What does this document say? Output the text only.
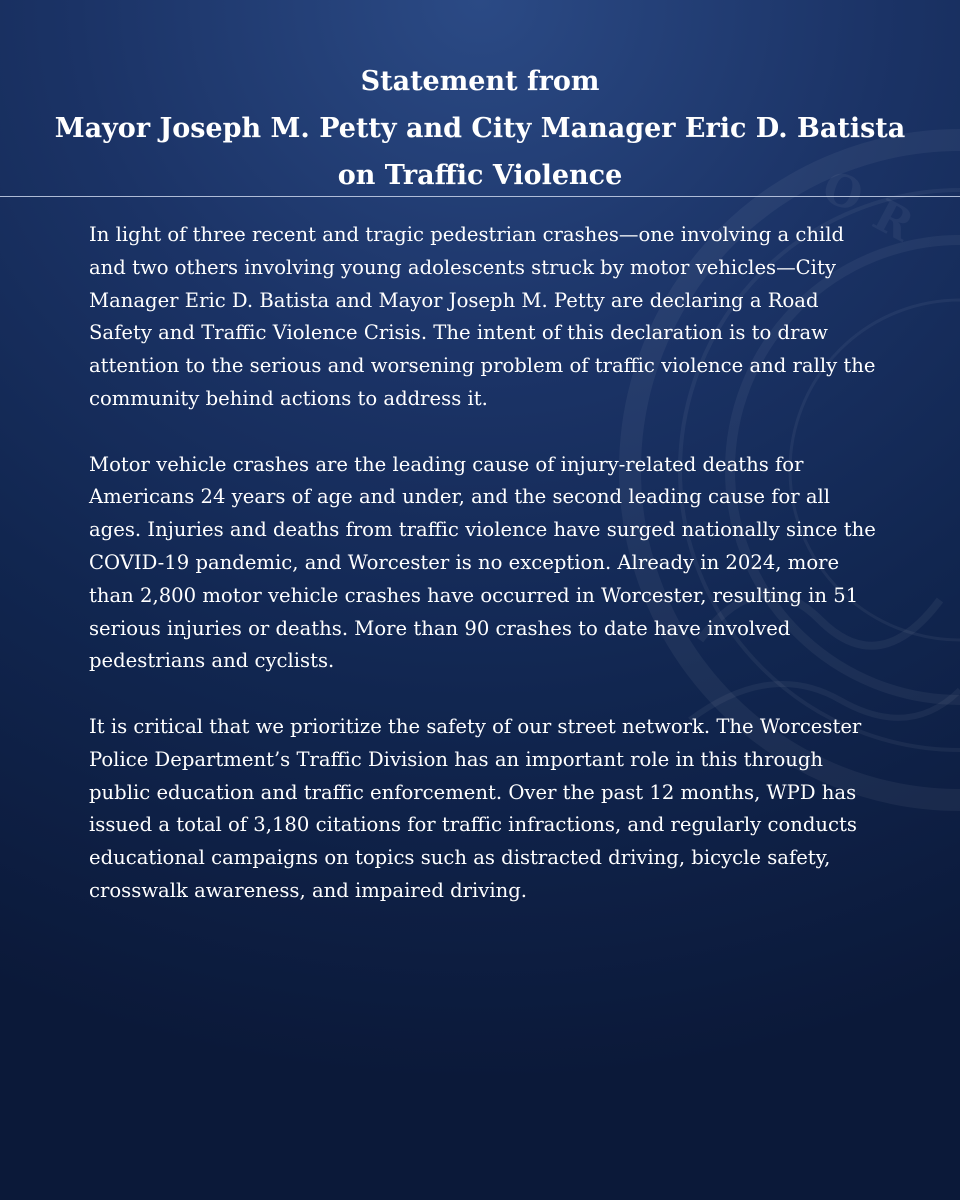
O
R
Statement from
Mayor Joseph M. Petty and City Manager Eric D. Batista
on Traffic Violence

In light of three recent and tragic pedestrian crashes—one involving a child
and two others involving young adolescents struck by motor vehicles—City
Manager Eric D. Batista and Mayor Joseph M. Petty are declaring a Road
Safety and Traffic Violence Crisis. The intent of this declaration is to draw
attention to the serious and worsening problem of traffic violence and rally the
community behind actions to address it.

Motor vehicle crashes are the leading cause of injury-related deaths for
Americans 24 years of age and under, and the second leading cause for all
ages. Injuries and deaths from traffic violence have surged nationally since the
COVID-19 pandemic, and Worcester is no exception. Already in 2024, more
than 2,800 motor vehicle crashes have occurred in Worcester, resulting in 51
serious injuries or deaths. More than 90 crashes to date have involved
pedestrians and cyclists.

It is critical that we prioritize the safety of our street network. The Worcester
Police Department’s Traffic Division has an important role in this through
public education and traffic enforcement. Over the past 12 months, WPD has
issued a total of 3,180 citations for traffic infractions, and regularly conducts
educational campaigns on topics such as distracted driving, bicycle safety,
crosswalk awareness, and impaired driving.
